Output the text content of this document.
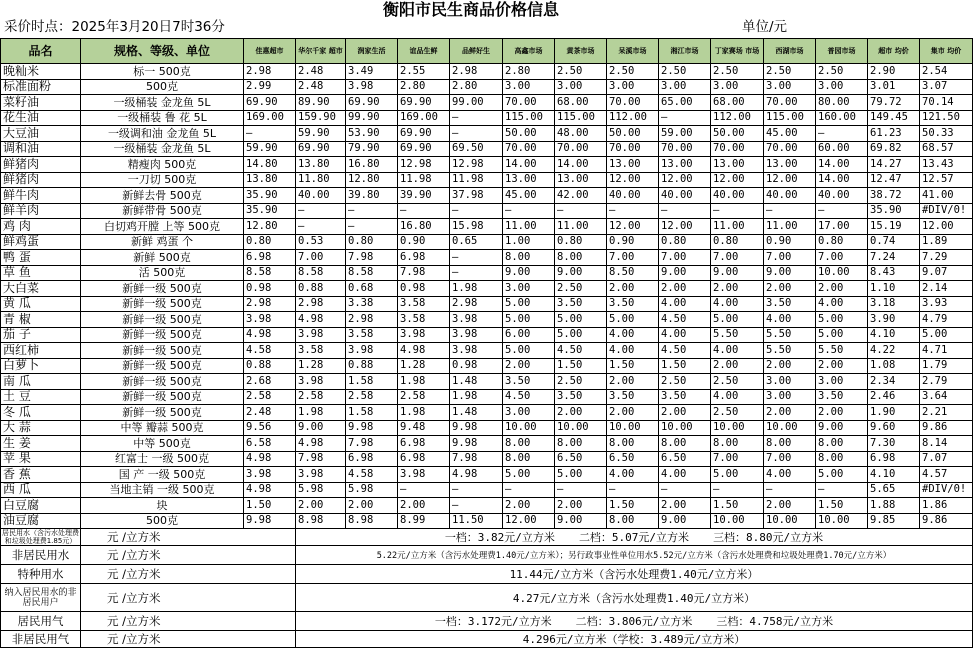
衡阳市民生商品价格信息
采价时点：2025年3月20日7时36分	单位/元
品名	规格、等级、单位	佳惠超市	华尔千家 超市	润家生活	谊品生鲜	品鲜好生	高鑫市场	黄茶市场	呆溪市场	湘江市场	丁家赛场 市场	西湖市场	普园市场	超市 均价	集市 均价
晚籼米	标一 500克	2.98	2.48	3.49	2.55	2.98	2.80	2.50	2.50	2.50	2.50	2.50	2.50	2.90	2.54
标准面粉	500克	2.99	2.48	3.98	2.80	2.80	3.00	3.00	3.00	3.00	3.00	3.00	3.00	3.01	3.07
菜籽油	一级桶装 金龙鱼 5L	69.90	89.90	69.90	69.90	99.00	70.00	68.00	70.00	65.00	68.00	70.00	80.00	79.72	70.14
花生油	一级桶装 鲁 花 5L	169.00	159.90	99.90	169.00	—	115.00	115.00	112.00	—	112.00	115.00	160.00	149.45	121.50
大豆油	一级调和油 金龙鱼 5L	—	59.90	53.90	69.90	—	50.00	48.00	50.00	59.00	50.00	45.00	—	61.23	50.33
调和油	一级桶装 金龙鱼 5L	59.90	69.90	79.90	69.90	69.50	70.00	70.00	70.00	70.00	70.00	70.00	60.00	69.82	68.57
鲜猪肉	精瘦肉 500克	14.80	13.80	16.80	12.98	12.98	14.00	14.00	13.00	13.00	13.00	13.00	14.00	14.27	13.43
鲜猪肉	一刀切 500克	13.80	11.80	12.80	11.98	11.98	13.00	13.00	12.00	12.00	12.00	12.00	14.00	12.47	12.57
鲜牛肉	新鲜去骨 500克	35.90	40.00	39.80	39.90	37.98	45.00	42.00	40.00	40.00	40.00	40.00	40.00	38.72	41.00
鲜羊肉	新鲜带骨 500克	35.90	—	—	—	—	—	—	—	—	—	—	—	35.90	#DIV/0!
鸡 肉	白切鸡开膛 上等 500克	12.80	—	—	16.80	15.98	11.00	11.00	12.00	12.00	11.00	11.00	17.00	15.19	12.00
鲜鸡蛋	新鲜 鸡蛋 个	0.80	0.53	0.80	0.90	0.65	1.00	0.80	0.90	0.80	0.80	0.90	0.80	0.74	1.89
鸭 蛋	新鲜 500克	6.98	7.00	7.98	6.98	—	8.00	8.00	7.00	7.00	7.00	7.00	7.00	7.24	7.29
草 鱼	活 500克	8.58	8.58	8.58	7.98	—	9.00	9.00	8.50	9.00	9.00	9.00	10.00	8.43	9.07
大白菜	新鲜一级 500克	0.98	0.88	0.68	0.98	1.98	3.00	2.50	2.00	2.00	2.00	2.00	2.00	1.10	2.14
黄 瓜	新鲜一级 500克	2.98	2.98	3.38	3.58	2.98	5.00	3.50	3.50	4.00	4.00	3.50	4.00	3.18	3.93
青 椒	新鲜一级 500克	3.98	4.98	2.98	3.58	3.98	5.00	5.00	5.00	4.50	5.00	4.00	5.00	3.90	4.79
茄 子	新鲜一级 500克	4.98	3.98	3.58	3.98	3.98	6.00	5.00	4.00	4.00	5.50	5.50	5.00	4.10	5.00
西红柿	新鲜一级 500克	4.58	3.58	3.98	4.98	3.98	5.00	4.50	4.00	4.50	4.00	5.50	5.50	4.22	4.71
白萝卜	新鲜一级 500克	0.88	1.28	0.88	1.28	0.98	2.00	1.50	1.50	1.50	2.00	2.00	2.00	1.08	1.79
南 瓜	新鲜一级 500克	2.68	3.98	1.58	1.98	1.48	3.50	2.50	2.00	2.50	2.50	3.00	3.00	2.34	2.79
土 豆	新鲜一级 500克	2.58	2.58	2.58	2.58	1.98	4.50	3.50	3.50	3.50	4.00	3.00	3.50	2.46	3.64
冬 瓜	新鲜一级 500克	2.48	1.98	1.58	1.98	1.48	3.00	2.00	2.00	2.00	2.50	2.00	2.00	1.90	2.21
大 蒜	中等 瓣蒜 500克	9.56	9.00	9.98	9.48	9.98	10.00	10.00	10.00	10.00	10.00	10.00	9.00	9.60	9.86
生 姜	中等 500克	6.58	4.98	7.98	6.98	9.98	8.00	8.00	8.00	8.00	8.00	8.00	8.00	7.30	8.14
苹 果	红富士 一级 500克	4.98	7.98	6.98	6.98	7.98	8.00	6.50	6.50	6.50	7.00	7.00	8.00	6.98	7.07
香 蕉	国 产 一级 500克	3.98	3.98	4.58	3.98	4.98	5.00	5.00	4.00	4.00	5.00	4.00	5.00	4.10	4.57
西 瓜	当地主销 一级 500克	4.98	5.98	5.98	—	—	—	—	—	—	—	—	—	5.65	#DIV/0!
白豆腐	块	1.50	2.00	2.00	2.00	—	2.00	2.00	1.50	2.00	1.50	2.00	1.50	1.88	1.86
油豆腐	500克	9.98	8.98	8.98	8.99	11.50	12.00	9.00	8.00	9.00	10.00	10.00	10.00	9.85	9.86
居民用水（含污水处理费和垃圾处理费1.85元）	元 /立方米		一档：3.82元/立方米 二档：5.07元/立方米 三档：8.80元/立方米												
非居民用水	元 /立方米		5.22元/立方米（含污水处理费1.40元/立方米）；另行政事业性单位用水5.52元/立方米（含污水处理费和垃圾处理费1.70元/立方米）												
特种用水	元 /立方米		11.44元/立方米（含污水处理费1.40元/立方米）												
纳入居民用水的非居民用户	元 /立方米		4.27元/立方米（含污水处理费1.40元/立方米）												
居民用气	元 /立方米		一档：3.172元/立方米 二档：3.806元/立方米 三档：4.758元/立方米												
非居民用气	元 /立方米		4.296元/立方米（学校：3.489元/立方米）												
